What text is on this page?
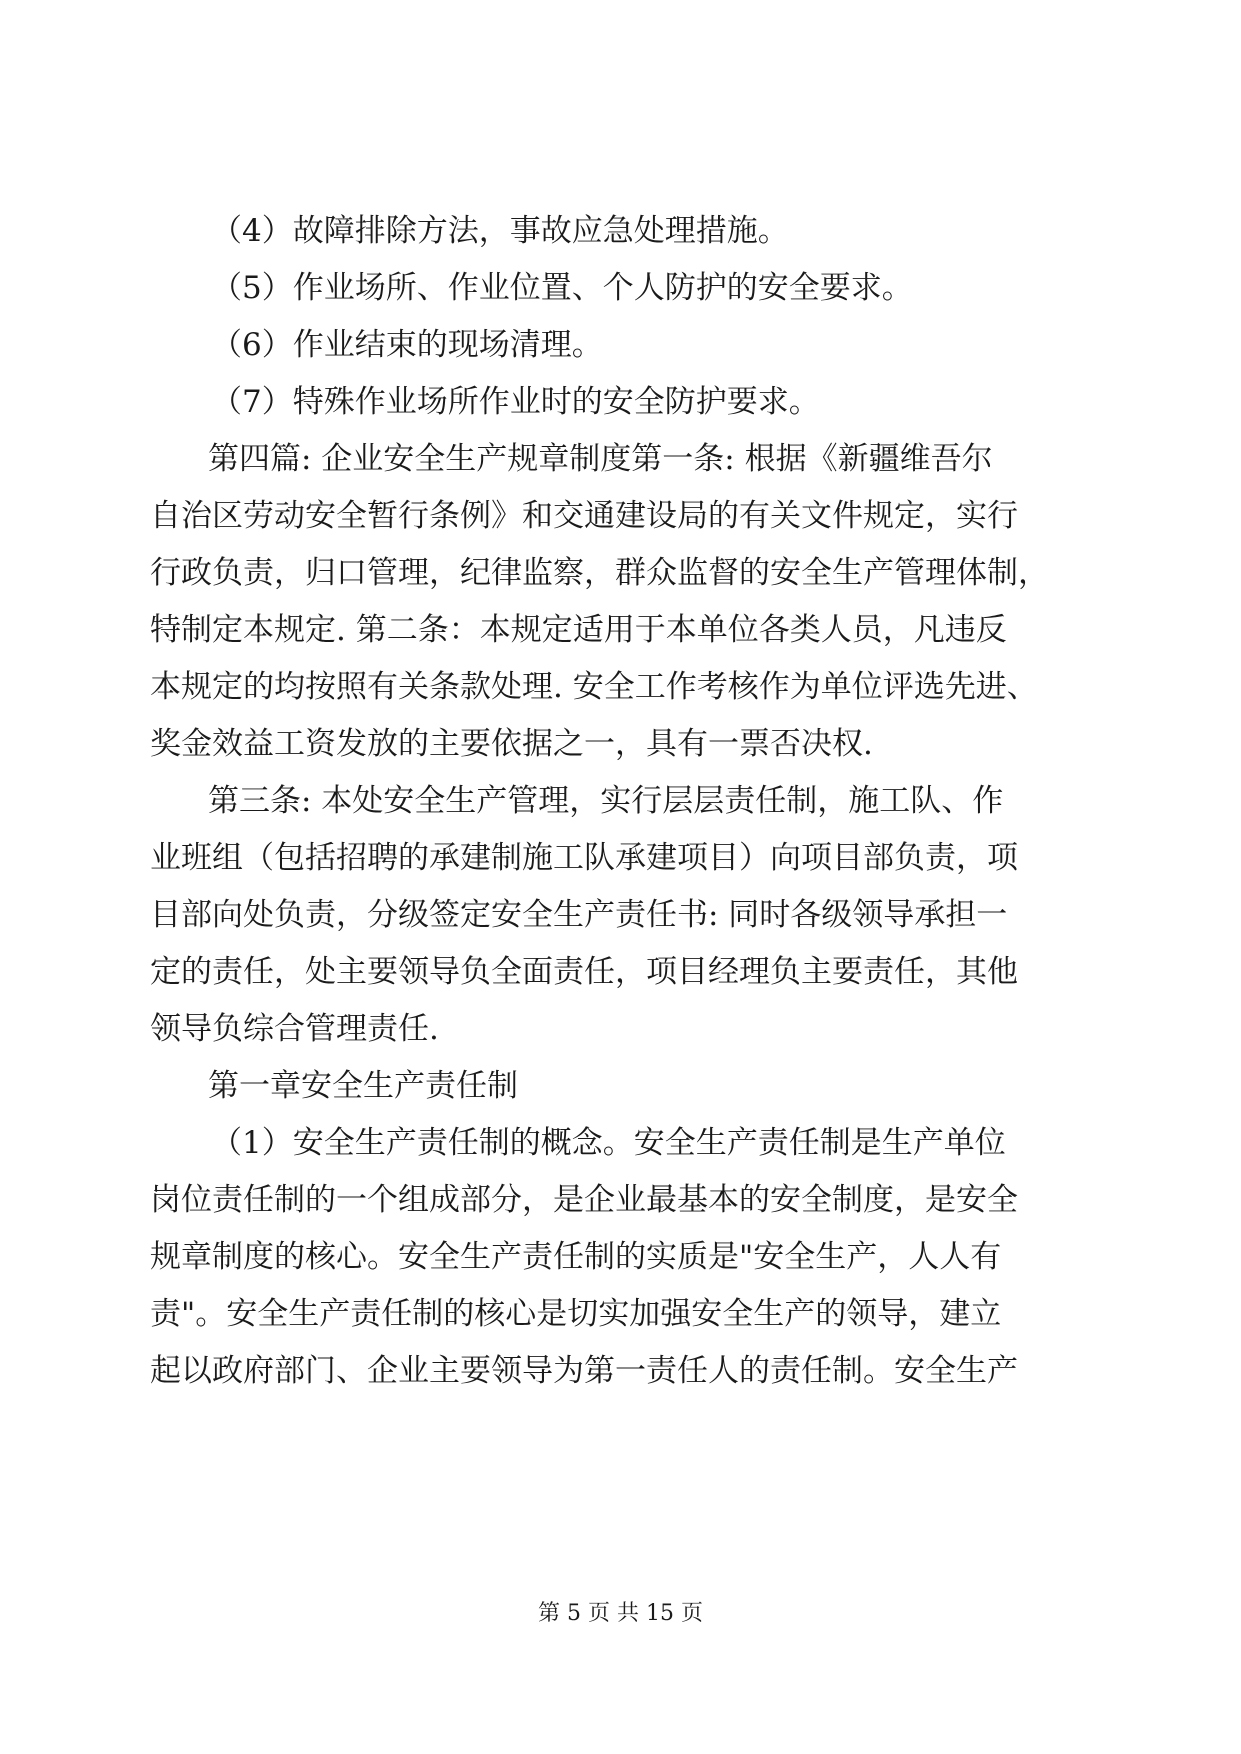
（4）故障排除方法，事故应急处理措施。
（5）作业场所、作业位置、个人防护的安全要求。
（6）作业结束的现场清理。
（7）特殊作业场所作业时的安全防护要求。
第四篇: 企业安全生产规章制度第一条: 根据《新疆维吾尔
自治区劳动安全暂行条例》和交通建设局的有关文件规定，实行
行政负责，归口管理，纪律监察，群众监督的安全生产管理体制，
特制定本规定. 第二条：本规定适用于本单位各类人员，凡违反
本规定的均按照有关条款处理. 安全工作考核作为单位评选先进、
奖金效益工资发放的主要依据之一，具有一票否决权.
第三条: 本处安全生产管理，实行层层责任制，施工队、作
业班组（包括招聘的承建制施工队承建项目）向项目部负责，项
目部向处负责，分级签定安全生产责任书: 同时各级领导承担一
定的责任，处主要领导负全面责任，项目经理负主要责任，其他
领导负综合管理责任.
第一章安全生产责任制
（1）安全生产责任制的概念。安全生产责任制是生产单位
岗位责任制的一个组成部分，是企业最基本的安全制度，是安全
规章制度的核心。安全生产责任制的实质是"安全生产，人人有
责"。安全生产责任制的核心是切实加强安全生产的领导，建立
起以政府部门、企业主要领导为第一责任人的责任制。安全生产
第 5 页 共 15 页
